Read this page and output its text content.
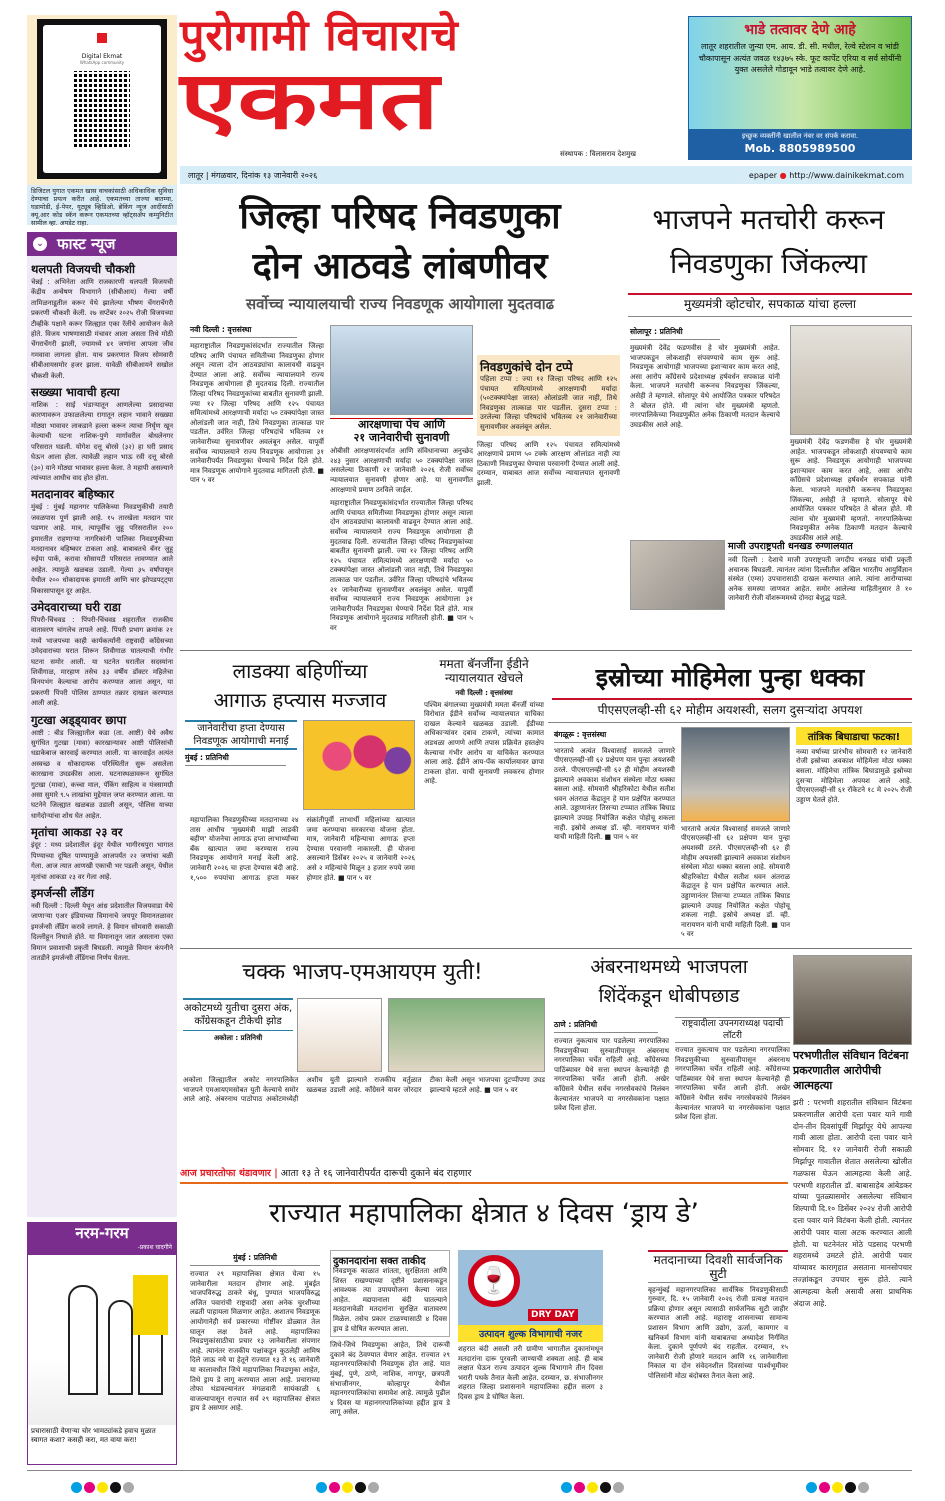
Digital Ekmat
WhatsApp community
डिजिटल युगात एकमत खास वाचकांसाठी अधिकाधिक सुविधा देण्याचा प्रयत्न करीत आहे. एकमतच्या ताज्या बातम्या, घडामोडी, ई-पेपर, यूट्यूब व्हिडिओ, ब्रेकिंग न्यूज आदींसाठी क्यू.आर कोड स्कॅन करून एकमतच्या व्हॉट्सॲप कम्युनिटीत सामील व्हा. अपडेट राहा.
⌄ फास्ट न्यूज
थलपती विजयची चौकशी
चेन्नई : अभिनेता आणि राजकारणी थलपती विजयची केंद्रीय अन्वेषण विभागाने (सीबीआय) गेल्या वर्षी तामिळनाडूतील करूर येथे झालेल्या भीषण चेंगराचेंगरी प्रकरणी चौकशी केली. २७ सप्टेंबर २०२५ रोजी विजयच्या टीव्हीके पक्षाने करूर जिल्ह्यात एका रॅलीचे आयोजन केले होते. विजय भाषणासाठी मंचावर आला असता तिथे मोठी चेंगराचेंगरी झाली, ज्यामध्ये ४१ जणांना आपला जीव गमवावा लागला होता. याच प्रकरणात विजय सोमवारी सीबीआयसमोर हजर झाला. यावेळी सीबीआयने सखोल चौकशी केली.
सख्ख्या भावाची हत्या
नाशिक : साई भंडाऱ्यातून आणलेल्या प्रसादाच्या कारणावरून उफाळलेल्या रागातून लहान भावाने सख्ख्या मोठ्या भावावर लाकडाने हल्ला करून त्याचा निर्घृण खून केल्याची घटना नाशिक-पुणे मार्गावरील बोधलेनगर परिसरात घडली. योगेश दत्तू बोरसे (३२) हा घरी प्रसाद घेऊन आला होता. त्यावेळी लहान भाऊ रवी दत्तू बोरसे (३०) याने मोठ्या भावावर हल्ला केला. ते महापी असल्याने त्यांच्यात आधीच वाद होत होता.
मतदानावर बहिष्कार
मुंबई : मुंबई महानगर पालिकेच्या निवडणुकीची तयारी जवळपास पूर्ण झाली आहे. १५ तारखेला मतदान पार पडणार आहे. मात्र, त्यापूर्वीच जुहू परिसरातील २०० इमारतीत राहणाऱ्या नागरिकांनी पालिका निवडणुकीच्या मतदानावर बहिष्कार टाकला आहे. बाबाबतचे बॅनर जुहू रुईया पार्क, करावा सोसायटी परिसरात लावण्यात आले आहेत. त्यामुळे खळबळ उडाली. गेल्या ३५ वर्षांपासून येथील २०० धोकादायक इमारती आणि चार झोपडपट्ट्या विकासापासून दूर आहेत.
उमेदवाराच्या घरी राडा
पिंपरी-चिंचवड : पिंपरी-चिंचवड शहरातील राजकीय वातावरण चांगलेच तापले आहे. पिंपरी प्रभाग क्रमांक २१ मध्ये भाजपच्या काही कार्यकर्त्यांनी राष्ट्रवादी काँग्रेसच्या उमेदवाराच्या घरात शिरून शिवीगाळ घातल्याची गंभीर घटना समोर आली. या घटनेत घरातील सदस्यांना शिवीगाळ, मारहाण तसेच ३३ वर्षीय डॉक्टर महिलेचा विनयभंग केल्याचा आरोप करण्यात आला असून, या प्रकरणी पिंपरी पोलिस ठाण्यात तक्रार दाखल करण्यात आली आहे.
गुटखा अड्ड्यावर छापा
आष्टी : बीड जिल्ह्यातील कडा (ता. आष्टी) येथे अवैध सुगंधित गुटखा (मावा) कारखान्यावर आष्टी पोलिसांची धडाकेबाज कारवाई करण्यात आली. या कारवाईत अत्यंत अस्वच्छ व धोकादायक परिस्थितीत सुरू असलेला कारखाना उघडकीस आला. घटनास्थळावरून सुगंधित गुटखा (मावा), कच्चा माल, पॅकिंग साहित्य व यंत्रसामग्री असा सुमारे ९.५ लाखांचा मुद्देमाल जप्त करण्यात आला. या घटनेने जिल्ह्यात खळबळ उडाली असून, पोलिस याच्या धागेदोऱ्यांचा शोध घेत आहेत.
मृतांचा आकडा २३ वर
इंदूर : मध्य प्रदेशातील इंदूर येथील भागीरथपुरा भागात पिण्याच्या दूषित पाण्यामुळे आजपर्यंत २२ जणांचा बळी गेला. आज त्यात आणखी एकाची भर पडली असून, येथील मृतांचा आकडा २३ वर गेला आहे.
इमर्जन्सी लँडिंग
नवी दिल्ली : दिल्ली येथून आंध्र प्रदेशातील विजयवाडा येथे जाणाऱ्या एअर इंडियाच्या विमानाचे जयपूर विमानतळावर इमर्जन्सी लँडिंग करावे लागले. हे विमान सोमवारी सकाळी दिल्लीहून निघाले होते. या विमानातून जात असताना एका विमान प्रवाशाची प्रकृती बिघडली. त्यामुळे विमान कंपनीने तातडीने इमर्जन्सी लँडिंगचा निर्णय घेतला.
नरम-गरम
-प्रकाश घादगीने
प्रचारासाठी येणाऱ्या चोर भामट्यांकडे हवाच मुळात स्वागत कशा? कसही करा, मत वाया करा!
पुरोगामी विचाराचे
एकमत
संस्थापक : विलासराव देशमुख
भाडे तत्वावर देणे आहे
लातूर शहरातील जुन्या एम. आय. डी. सी. मधील, रेल्वे स्टेशन व भांडी चौकापासून अत्यंत जवळ १४३७५ स्के. फूट कार्पेट एरिया व सर्व सोयींनी युक्त असलेले गोडावून भाडे तत्वावर देणे आहे.
इच्छुक व्यक्तींनी खालील नंबर वर संपर्क करावा.
Mob. 8805989500
लातूर | मंगळवार, दिनांक १३ जानेवारी २०२६	epaper ● http://www.dainikekmat.com
जिल्हा परिषद निवडणुका
दोन आठवडे लांबणीवर
सर्वोच्च न्यायालयाची राज्य निवडणूक आयोगाला मुदतवाढ
नवी दिल्ली : वृत्तसंस्था
महाराष्ट्रातील निवडणुकांसंदर्भात राज्यातील जिल्हा परिषद आणि पंचायत समितीच्या निवडणुका होणार असून त्याला दोन आठवड्यांचा कालावधी वाढवून देण्यात आला आहे. सर्वोच्च न्यायालयाने राज्य निवडणूक आयोगाला ही मुदतवाढ दिली. राज्यातील जिल्हा परिषद निवडणुकांच्या बाबतीत सुनावणी झाली. ज्या १२ जिल्हा परिषद आणि १२५ पंचायत समित्यांमध्ये आरक्षणाची मर्यादा ५० टक्क्यांपेक्षा जास्त ओलांडली जात नाही, तिथे निवडणुका तात्काळ पार पडतील. उर्वरित जिल्हा परिषदांचे भवितव्य २१ जानेवारीच्या सुनावणीवर अवलंबून असेल. यापूर्वी सर्वोच्च न्यायालयाने राज्य निवडणूक आयोगाला ३१ जानेवारीपर्यंत निवडणुका घेण्याचे निर्देश दिले होते. मात्र निवडणूक आयोगाने मुदतवाढ मागितली होती. ■ पान ५ वर
आरक्षणाचा पेच आणि
२१ जानेवारीची सुनावणी
ओबीसी आरक्षणासंदर्भात आणि संविधानाच्या अनुच्छेद २४३ नुसार आरक्षणाची मर्यादा ५० टक्क्यांपेक्षा जास्त असलेल्या ठिकाणी २१ जानेवारी २०२६ रोजी सर्वोच्च न्यायालयात सुनावणी होणार आहे. या सुनावणीत आरक्षणाचे प्रमाण ठरविले जाईल.
महाराष्ट्रातील निवडणुकांसंदर्भात राज्यातील जिल्हा परिषद आणि पंचायत समितीच्या निवडणुका होणार असून त्याला दोन आठवड्यांचा कालावधी वाढवून देण्यात आला आहे. सर्वोच्च न्यायालयाने राज्य निवडणूक आयोगाला ही मुदतवाढ दिली. राज्यातील जिल्हा परिषद निवडणुकांच्या बाबतीत सुनावणी झाली. ज्या १२ जिल्हा परिषद आणि १२५ पंचायत समित्यांमध्ये आरक्षणाची मर्यादा ५० टक्क्यांपेक्षा जास्त ओलांडली जात नाही, तिथे निवडणुका तात्काळ पार पडतील. उर्वरित जिल्हा परिषदांचे भवितव्य २१ जानेवारीच्या सुनावणीवर अवलंबून असेल. यापूर्वी सर्वोच्च न्यायालयाने राज्य निवडणूक आयोगाला ३१ जानेवारीपर्यंत निवडणुका घेण्याचे निर्देश दिले होते. मात्र निवडणूक आयोगाने मुदतवाढ मागितली होती. ■ पान ५ वर
निवडणुकांचे दोन टप्पे
पहिला टप्पा : ज्या १२ जिल्हा परिषद आणि १२५ पंचायत समित्यांमध्ये आरक्षणाची मर्यादा (५०टक्क्यांपेक्षा जास्त) ओलांडली जात नाही, तिथे निवडणुका तात्काळ पार पडतील. दुसरा टप्पा : उरलेल्या जिल्हा परिषदांचे भवितव्य २१ जानेवारीच्या सुनावणीवर अवलंबून असेल.
जिल्हा परिषद आणि १२५ पंचायत समित्यांमध्ये आरक्षणाचे प्रमाण ५० टक्के आरक्षण ओलांडत नाही त्या ठिकाणी निवडणुका घेण्यास परवानगी देण्यात आली आहे. दरम्यान, याबाबत आज सर्वोच्च न्यायालयात सुनावणी झाली.
भाजपने मतचोरी करून
निवडणुका जिंकल्या
मुख्यमंत्री व्होटचोर, सपकाळ यांचा हल्ला
सोलापूर : प्रतिनिधी
मुख्यमंत्री देवेंद्र फडणवीस हे चोर मुख्यमंत्री आहेत. भाजपकडून लोकशाही संपवण्याचे काम सुरू आहे. निवडणूक आयोगाही भाजपच्या इशाऱ्यावर काम करत आहे, असा आरोप काँग्रेसचे प्रदेशाध्यक्ष हर्षवर्धन सपकाळ यांनी केला. भाजपने मतचोरी करूनच निवडणुका जिंकल्या, असेही ते म्हणाले. सोलापूर येथे आयोजित पत्रकार परिषदेत ते बोलत होते. मी त्यांना चोर मुख्यमंत्री म्हणतो. नगरपालिकेच्या निवडणुकीत अनेक ठिकाणी मतदान केल्याचे उघडकीस आले आहे.
मुख्यमंत्री देवेंद्र फडणवीस हे चोर मुख्यमंत्री आहेत. भाजपकडून लोकशाही संपवण्याचे काम सुरू आहे. निवडणूक आयोगाही भाजपच्या इशाऱ्यावर काम करत आहे, असा आरोप काँग्रेसचे प्रदेशाध्यक्ष हर्षवर्धन सपकाळ यांनी केला. भाजपने मतचोरी करूनच निवडणुका जिंकल्या, असेही ते म्हणाले. सोलापूर येथे आयोजित पत्रकार परिषदेत ते बोलत होते. मी त्यांना चोर मुख्यमंत्री म्हणतो. नगरपालिकेच्या निवडणुकीत अनेक ठिकाणी मतदान केल्याचे उघडकीस आले आहे.
माजी उपराष्ट्रपती धनखड रुग्णालयात
नवी दिल्ली : देशाचे माजी उपराष्ट्रपती जगदीप धनखड यांची प्रकृती अचानक बिघडली. त्यानंतर त्यांना दिल्लीतील अखिल भारतीय आयुर्विज्ञान संस्थेत (एम्स) उपचारासाठी दाखल करण्यात आले. त्यांना आरोग्याच्या अनेक समस्या जाणवत आहेत. समोर आलेल्या माहितीनुसार ते १० जानेवारी रोजी वॉशरूममध्ये दोनदा बेशुद्ध पडले.
लाडक्या बहिणींच्या
आगाऊ हप्त्यास मज्जाव
जानेवारीचा हप्ता देण्यास निवडणूक आयोगाची मनाई
मुंबई : प्रतिनिधी
महापालिका निवडणुकीच्या मतदानाच्या २४ तास आधीच 'मुख्यमंत्री माझी लाडकी बहीण' योजनेचा आगाऊ हप्ता लाभार्थ्यांच्या बँक खात्यात जमा करण्यास राज्य निवडणूक आयोगाने मनाई केली आहे. जानेवारी २०२६ चा हप्ता देण्यास बंदी आहे. १,५०० रुपयांचा आगाऊ हप्ता मकर संक्रांतीपूर्वी लाभार्थी महिलांच्या खात्यात जमा करण्याचा सरकारचा योजना होता. मात्र, जानेवारी महिन्याचा आगाऊ हप्ता देण्यास परवानगी नाकारली. ही योजना असल्याने डिसेंबर २०२५ व जानेवारी २०२६ असे २ महिन्यांचे मिळून ३ हजार रुपये जमा होणार होते. ■ पान ५ वर
ममता बॅनर्जींना ईडीने न्यायालयात खेचले
नवी दिल्ली : वृत्तसंस्था
पश्चिम बंगालच्या मुख्यमंत्री ममता बॅनर्जी यांच्या विरोधात ईडीने सर्वोच्च न्यायालयात याचिका दाखल केल्याने खळबळ उडाली. ईडीच्या अधिकाऱ्यांवर दबाव टाकणे, त्यांच्या कामात अडथळा आणणे आणि तपास प्रक्रियेत हस्तक्षेप केल्याचा गंभीर आरोप या याचिकेत करण्यात आला आहे. ईडीने आय-पॅक कार्यालयावर छापा टाकला होता. याची सुनावणी लवकरच होणार आहे.
इस्रोच्या मोहिमेला पुन्हा धक्का
पीएसएलव्ही-सी ६२ मोहीम अयशस्वी, सलग दुसऱ्यांदा अपयश
बंगळूरू : वृत्तसंस्था
भारताचे अत्यंत विश्वासार्ह समजले जाणारे पीएसएलव्ही-सी ६२ प्रक्षेपण यान पुन्हा अयशस्वी ठरले. पीएसएलव्ही-सी ६२ ही मोहीम अयशस्वी झाल्याने अवकाश संशोधन संस्थेला मोठा धक्का बसला आहे. सोमवारी श्रीहरिकोटा येथील सतीश धवन अंतराळ केंद्रातून हे यान प्रक्षेपित करण्यात आले. उड्डाणानंतर तिसऱ्या टप्प्यात तांत्रिक बिघाड झाल्याने उपग्रह नियोजित कक्षेत पोहोचू शकला नाही. इस्रोचे अध्यक्ष डॉ. व्ही. नारायणन यांनी याची माहिती दिली. ■ पान ५ वर
भारताचे अत्यंत विश्वासार्ह समजले जाणारे पीएसएलव्ही-सी ६२ प्रक्षेपण यान पुन्हा अयशस्वी ठरले. पीएसएलव्ही-सी ६२ ही मोहीम अयशस्वी झाल्याने अवकाश संशोधन संस्थेला मोठा धक्का बसला आहे. सोमवारी श्रीहरिकोटा येथील सतीश धवन अंतराळ केंद्रातून हे यान प्रक्षेपित करण्यात आले. उड्डाणानंतर तिसऱ्या टप्प्यात तांत्रिक बिघाड झाल्याने उपग्रह नियोजित कक्षेत पोहोचू शकला नाही. इस्रोचे अध्यक्ष डॉ. व्ही. नारायणन यांनी याची माहिती दिली. ■ पान ५ वर
तांत्रिक बिघाडाचा फटका!
नव्या वर्षाच्या प्रारंभीच सोमवारी १२ जानेवारी रोजी इस्रोच्या अवकाश मोहिमेला मोठा धक्का बसला. मोहिमेचा तांत्रिक बिघाडामुळे इस्रोच्या दुसऱ्या मोहिमेला अपयश आले आहे. पीएसएलव्ही-सी ६१ रॉकेटने १८ मे २०२५ रोजी उड्डाण घेतले होते.
चक्क भाजप-एमआयएम युती!
अकोटमध्ये युतीचा दुसरा अंक, काँग्रेसकडून टीकेची झोड
अकोला : प्रतिनिधी
अकोला जिल्ह्यातील अकोट नगरपालिकेत भाजपने एमआयएमसोबत युती केल्याचे समोर आले आहे. अंबरनाथ पाठोपाठ अकोटमध्येही अशीच युती झाल्याने राजकीय वर्तुळात खळबळ उडाली आहे. काँग्रेसने यावर जोरदार टीका केली असून भाजपचा दुटप्पीपणा उघड झाल्याचे म्हटले आहे. ■ पान ५ वर
अंबरनाथमध्ये भाजपला
शिंदेंकडून धोबीपछाड
ठाणे : प्रतिनिधी
राज्यात नुकत्याच पार पडलेल्या नगरपालिका निवडणुकीच्या सुरुवातीपासून अंबरनाथ नगरपालिका चर्चेत राहिली आहे. काँग्रेसच्या पाठिंब्यावर येथे सत्ता स्थापन केल्यानेही ही नगरपालिका चर्चेत आली होती. अखेर काँग्रेसने येथील सर्वच नगरसेवकांचे निलंबन केल्यानंतर भाजपने या नगरसेवकांना पक्षात प्रवेश दिला होता.
राष्ट्रवादीला उपनगराध्यक्ष पदाची लॉटरी
राज्यात नुकत्याच पार पडलेल्या नगरपालिका निवडणुकीच्या सुरुवातीपासून अंबरनाथ नगरपालिका चर्चेत राहिली आहे. काँग्रेसच्या पाठिंब्यावर येथे सत्ता स्थापन केल्यानेही ही नगरपालिका चर्चेत आली होती. अखेर काँग्रेसने येथील सर्वच नगरसेवकांचे निलंबन केल्यानंतर भाजपने या नगरसेवकांना पक्षात प्रवेश दिला होता.
परभणीतील संविधान विटंबना प्रकरणातील आरोपीची आत्महत्या
झरी : परभणी शहरातील संविधान विटंबना प्रकरणातील आरोपी दत्ता पवार याने गावी दोन-तीन दिवसांपूर्वी मिर्झापूर येथे आपल्या गावी आला होता. आरोपी दत्ता पवार याने सोमवार दि. १२ जानेवारी रोजी सकाळी मिर्झापूर गावातील शेतात असलेल्या खोलीत गळफास घेऊन आत्महत्या केली आहे. परभणी शहरातील डॉ. बाबासाहेब आंबेडकर यांच्या पुतळ्यासमोर असलेल्या संविधान शिल्पाची दि.१० डिसेंबर २०२४ रोजी आरोपी दत्ता पवार याने विटंबना केली होती. त्यानंतर आरोपी पवार याला अटक करण्यात आली होती. या घटनेनंतर मोठे पडसाद परभणी शहरामध्ये उमटले होते. आरोपी पवार यांच्यावर कारागृहात असताना मानसोपचार तज्ज्ञांकडून उपचार सुरू होते. त्याने आत्महत्या केली असावी असा प्राथमिक अंदाज आहे.
आज प्रचारतोफा थंडावणार | आता १३ ते १६ जानेवारीपर्यंत दारूची दुकाने बंद राहणार
राज्यात महापालिका क्षेत्रात ४ दिवस ‘ड्राय डे’
मुंबई : प्रतिनिधी
राज्यात २९ महापालिका क्षेत्रात येत्या १५ जानेवारीला मतदान होणार आहे. मुंबईत भाजपविरुद्ध ठाकरे बंधू, पुण्यात भाजपविरुद्ध अजित पवारांची राष्ट्रवादी असा अनेक चुरशीच्या लढती पाहायला मिळणार आहेत. अशातच निवडणूक आयोगानेही सर्व प्रकारच्या गोष्टींवर डोळ्यात तेल घालून लक्ष ठेवले आहे. महापालिका निवडणुकांसाठीचा प्रचार १३ जानेवारीला संपणार आहे. त्यानंतर राजकीय पक्षांकडून कुठलेही आमिष दिले जाऊ नये या हेतूने राज्यात १३ ते १६ जानेवारी या कालावधीत जिथे महापालिका निवडणुका आहेत, तिथे ड्राय डे लागू करण्यात आला आहे. प्रचाराच्या तोफा थंडावल्यानंतर मंगळवारी सायंकाळी ६ वाजल्यापासून राज्यात सर्व २९ महापालिका क्षेत्रात ड्राय डे असणार आहे.
दुकानदारांना सक्त ताकीद
निवडणूक काळात शांतता, सुरक्षितता आणि शिस्त राखण्याच्या दृष्टीने प्रशासनाकडून आवश्यक त्या उपाययोजना केल्या जात आहेत. मद्यपानाला बंदी घातल्याने मतदानावेळी मतदारांना सुरक्षित वातावरण मिळेल. तसेच प्रकार टाळण्यासाठी ४ दिवस ड्राय डे घोषित करण्यात आला.
जिथे-जिथे निवडणुका आहेत, तिथे दारूची दुकाने बंद ठेवण्यात येणार आहेत. राज्यात २९ महानगरपालिकांची निवडणूक होत आहे. यात मुंबई, पुणे, ठाणे, नाशिक, नागपूर, छत्रपती संभाजीनगर, कोल्हापूर येथील महानगरपालिकांचा समावेश आहे. त्यामुळे पुढील ४ दिवस या महानगरपालिकांच्या हद्दीत ड्राय डे लागू असेल.
🍷
DRY DAY
उत्पादन शुल्क विभागाची नजर
शहरात बंदी असली तरी ग्रामीण भागातील दुकानांमधून मतदारांना दारू पुरवली जाण्याची शक्यता आहे. ही बाब लक्षात घेऊन राज्य उत्पादन शुल्क विभागाने तीन दिवस भरारी पथके तैनात केली आहेत. दरम्यान, छ. संभाजीनगर शहरात जिल्हा प्रशासनाने महापालिका हद्दीत सलग ३ दिवस ड्राय डे घोषित केला.
मतदानाच्या दिवशी सार्वजनिक सुटी
बृहन्मुंबई महानगरपालिका सार्वत्रिक निवडणुकीसाठी गुरुवार, दि. १५ जानेवारी २०२६ रोजी प्रत्यक्ष मतदान प्रक्रिया होणार असून त्यासाठी सार्वजनिक सुटी जाहीर करण्यात आली आहे. महाराष्ट्र शासनाच्या सामान्य प्रशासन विभाग आणि उद्योग, ऊर्जा, कामगार व खनिकर्म विभाग यांनी याबाबतचा अध्यादेश निर्गमित केला. दुकाने पूर्णपणे बंद राहतील. दरम्यान, १५ जानेवारी रोजी होणारे मतदान आणि १६ जानेवारीला निकाल या दोन संवेदनशील दिवसांच्या पार्श्वभूमीवर पोलिसांनी मोठा बंदोबस्त तैनात केला आहे.
